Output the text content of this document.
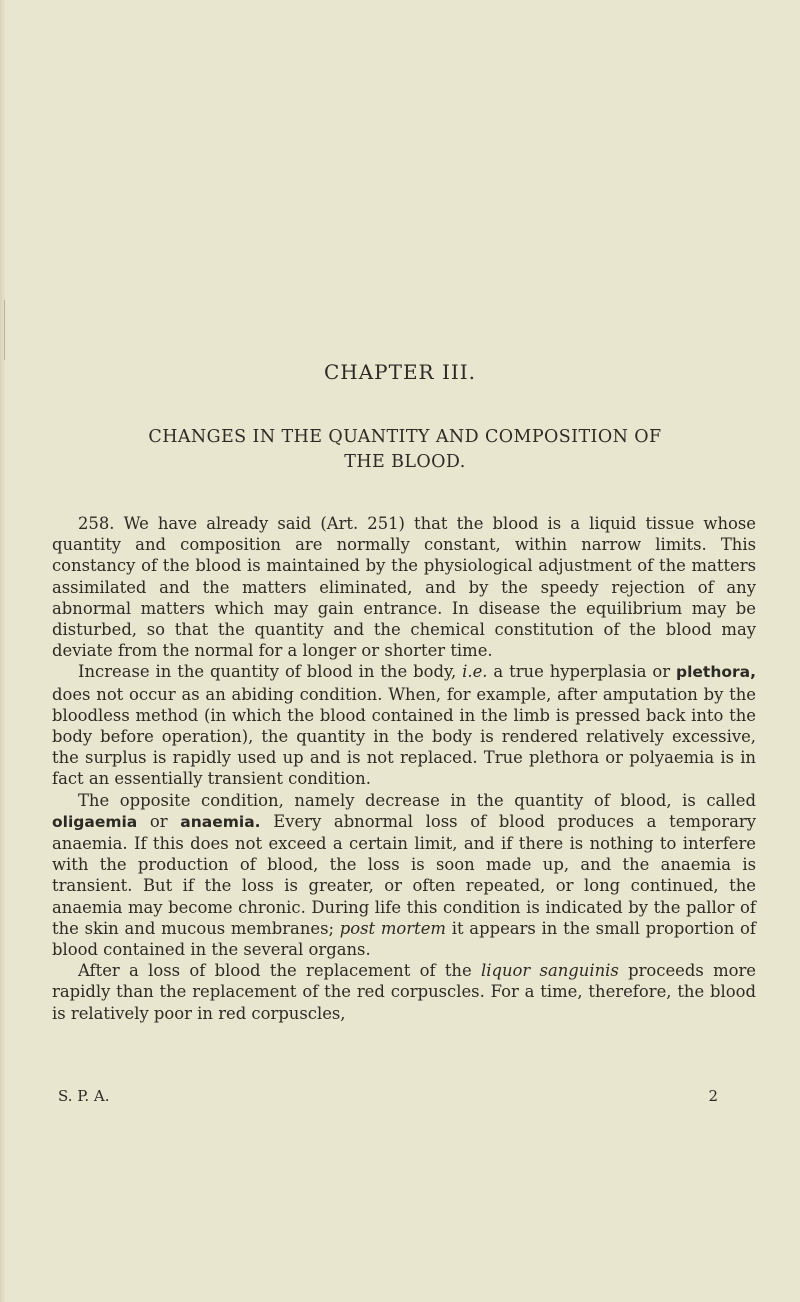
CHAPTER III.
CHANGES IN THE QUANTITY AND COMPOSITION OF
THE BLOOD.

258. We have already said (Art. 251) that the blood is a liquid tissue whose quantity and composition are normally constant, within narrow limits. This constancy of the blood is maintained by the physiological adjustment of the matters assimilated and the matters eliminated, and by the speedy rejection of any abnormal matters which may gain entrance. In disease the equilibrium may be disturbed, so that the quantity and the chemical constitution of the blood may deviate from the normal for a longer or shorter time.

Increase in the quantity of blood in the body, i.e. a true hyperplasia or plethora, does not occur as an abiding condition. When, for example, after amputation by the bloodless method (in which the blood contained in the limb is pressed back into the body before operation), the quantity in the body is rendered relatively excessive, the surplus is rapidly used up and is not replaced. True plethora or polyaemia is in fact an essentially transient condition.

The opposite condition, namely decrease in the quantity of blood, is called oligaemia or anaemia. Every abnormal loss of blood produces a temporary anaemia. If this does not exceed a certain limit, and if there is nothing to interfere with the production of blood, the loss is soon made up, and the anaemia is transient. But if the loss is greater, or often repeated, or long continued, the anaemia may become chronic. During life this condition is indicated by the pallor of the skin and mucous membranes; post mortem it appears in the small proportion of blood contained in the several organs.

After a loss of blood the replacement of the liquor sanguinis proceeds more rapidly than the replacement of the red corpuscles. For a time, therefore, the blood is relatively poor in red corpuscles,

S. P. A.	2
